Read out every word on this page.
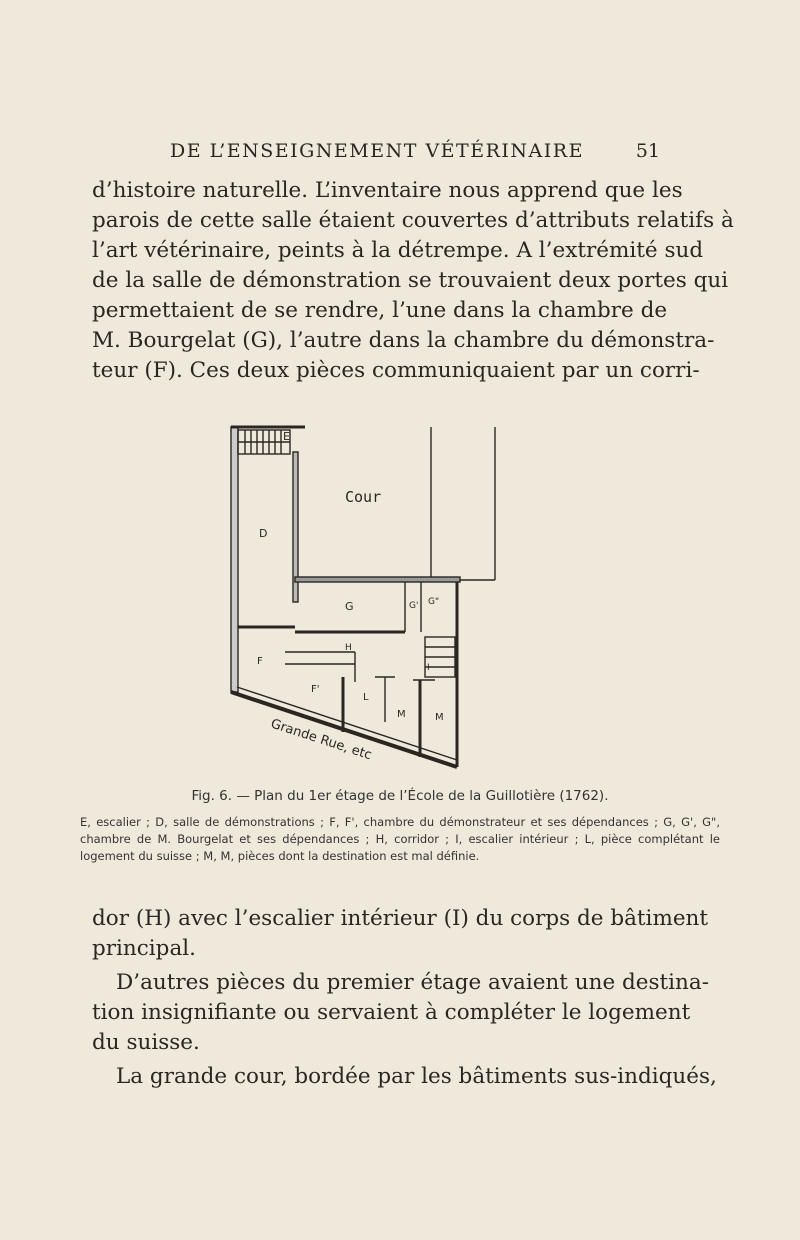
DE L’ENSEIGNEMENT VÉTÉRINAIRE	51
d’histoire naturelle. L’inventaire nous apprend que les
parois de cette salle étaient couvertes d’attributs relatifs à
l’art vétérinaire, peints à la détrempe. A l’extrémité sud
de la salle de démonstration se trouvaient deux portes qui
permettaient de se rendre, l’une dans la chambre de
M. Bourgelat (G), l’autre dans la chambre du démonstra-
teur (F). Ces deux pièces communiquaient par un corri-
E
D
Cour
G	G' G"
H
I
F
F'
L
M	M
Grande Rue, etc
Fig. 6. — Plan du 1er étage de l’École de la Guillotière (1762).
E, escalier ; D, salle de démonstrations ; F, F', chambre du démonstrateur et ses dépendances ; G, G', G", chambre de M. Bourgelat et ses dépendances ; H, corridor ; I, escalier intérieur ; L, pièce complétant le logement du suisse ; M, M, pièces dont la destination est mal définie.
dor (H) avec l’escalier intérieur (I) du corps de bâtiment
principal.
D’autres pièces du premier étage avaient une destina-
tion insignifiante ou servaient à compléter le logement
du suisse.
La grande cour, bordée par les bâtiments sus-indiqués,
